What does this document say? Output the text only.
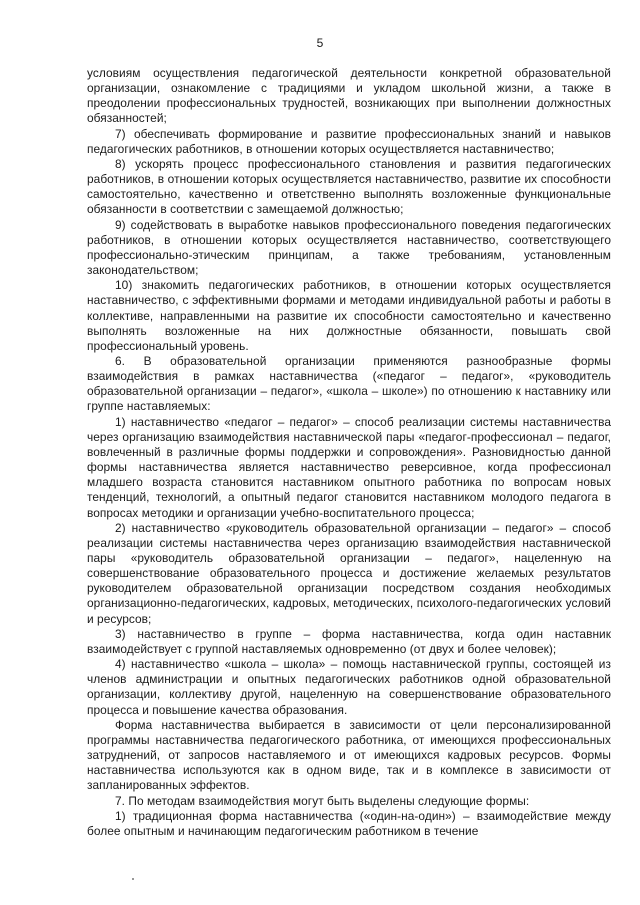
5

условиям осуществления педагогической деятельности конкретной образовательной организации, ознакомление с традициями и укладом школьной жизни, а также в преодолении профессиональных трудностей, возникающих при выполнении должностных обязанностей;

7) обеспечивать формирование и развитие профессиональных знаний и навыков педагогических работников, в отношении которых осуществляется наставничество;

8) ускорять процесс профессионального становления и развития педагогических работников, в отношении которых осуществляется наставничество, развитие их способности самостоятельно, качественно и ответственно выполнять возложенные функциональные обязанности в соответствии с замещаемой должностью;

9) содействовать в выработке навыков профессионального поведения педагогических работников, в отношении которых осуществляется наставничество, соответствующего профессионально-этическим принципам, а также требованиям, установленным законодательством;

10) знакомить педагогических работников, в отношении которых осуществляется наставничество, с эффективными формами и методами индивидуальной работы и работы в коллективе, направленными на развитие их способности самостоятельно и качественно выполнять возложенные на них должностные обязанности, повышать свой профессиональный уровень.

6. В образовательной организации применяются разнообразные формы взаимодействия в рамках наставничества («педагог – педагог», «руководитель образовательной организации – педагог», «школа – школе») по отношению к наставнику или группе наставляемых:

1) наставничество «педагог – педагог» – способ реализации системы наставничества через организацию взаимодействия наставнической пары «педагог-профессионал – педагог, вовлеченный в различные формы поддержки и сопровождения». Разновидностью данной формы наставничества является наставничество реверсивное, когда профессионал младшего возраста становится наставником опытного работника по вопросам новых тенденций, технологий, а опытный педагог становится наставником молодого педагога в вопросах методики и организации учебно-воспитательного процесса;

2) наставничество «руководитель образовательной организации – педагог» – способ реализации системы наставничества через организацию взаимодействия наставнической пары «руководитель образовательной организации – педагог», нацеленную на совершенствование образовательного процесса и достижение желаемых результатов руководителем образовательной организации посредством создания необходимых организационно-педагогических, кадровых, методических, психолого-педагогических условий и ресурсов;

3) наставничество в группе – форма наставничества, когда один наставник взаимодействует с группой наставляемых одновременно (от двух и более человек);

4) наставничество «школа – школа» – помощь наставнической группы, состоящей из членов администрации и опытных педагогических работников одной образовательной организации, коллективу другой, нацеленную на совершенствование образовательного процесса и повышение качества образования.

Форма наставничества выбирается в зависимости от цели персонализированной программы наставничества педагогического работника, от имеющихся профессиональных затруднений, от запросов наставляемого и от имеющихся кадровых ресурсов. Формы наставничества используются как в одном виде, так и в комплексе в зависимости от запланированных эффектов.

7. По методам взаимодействия могут быть выделены следующие формы:

1) традиционная форма наставничества («один-на-один») – взаимодействие между более опытным и начинающим педагогическим работником в течение
